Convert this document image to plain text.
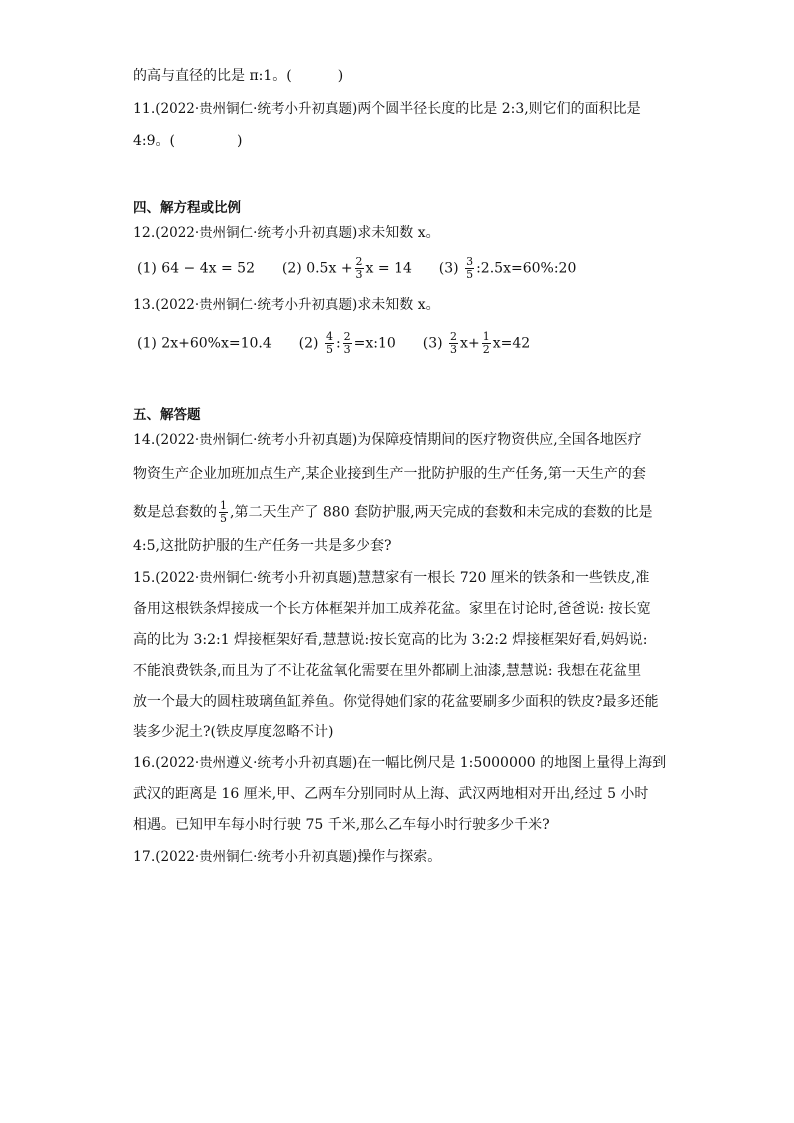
的高与直径的比是 π:1。(	)
11.(2022·贵州铜仁·统考小升初真题)两个圆半径长度的比是 2:3,则它们的面积比是
4:9。(	)
四、解方程或比例
12.(2022·贵州铜仁·统考小升初真题)求未知数 x。
(1) 64 − 4x = 52 (2) $0.5x + \frac{2}{3}$ x = 14 $(3) \frac{3}{5}$ :2.5x=60%:20
13.(2022·贵州铜仁·统考小升初真题)求未知数 x。
(1) 2x+60%x=10.4 $(2) \frac{4}{5}$ : $\frac{2}{3}$ =x:10 $(3) \frac{2}{3} x+ \frac{1}{2} x=42$
五、解答题
14.(2022·贵州铜仁·统考小升初真题)为保障疫情期间的医疗物资供应,全国各地医疗
物资生产企业加班加点生产,某企业接到生产一批防护服的生产任务,第一天生产的套
数是总套数的 $\frac{1}{5}$ ,第二天生产了 880 套防护服,两天完成的套数和未完成的套数的比是
4:5,这批防护服的生产任务一共是多少套?
15.(2022·贵州铜仁·统考小升初真题)慧慧家有一根长 720 厘米的铁条和一些铁皮,准
备用这根铁条焊接成一个长方体框架并加工成养花盆。家里在讨论时,爸爸说: 按长宽
高的比为 3:2:1 焊接框架好看,慧慧说:按长宽高的比为 3:2:2 焊接框架好看,妈妈说:
不能浪费铁条,而且为了不让花盆氧化需要在里外都刷上油漆,慧慧说: 我想在花盆里
放一个最大的圆柱玻璃鱼缸养鱼。你觉得她们家的花盆要刷多少面积的铁皮?最多还能
装多少泥土?(铁皮厚度忽略不计)
16.(2022·贵州遵义·统考小升初真题)在一幅比例尺是 1:5000000 的地图上量得上海到
武汉的距离是 16 厘米,甲、乙两车分别同时从上海、武汉两地相对开出,经过 5 小时
相遇。已知甲车每小时行驶 75 千米,那么乙车每小时行驶多少千米?
17.(2022·贵州铜仁·统考小升初真题)操作与探索。
